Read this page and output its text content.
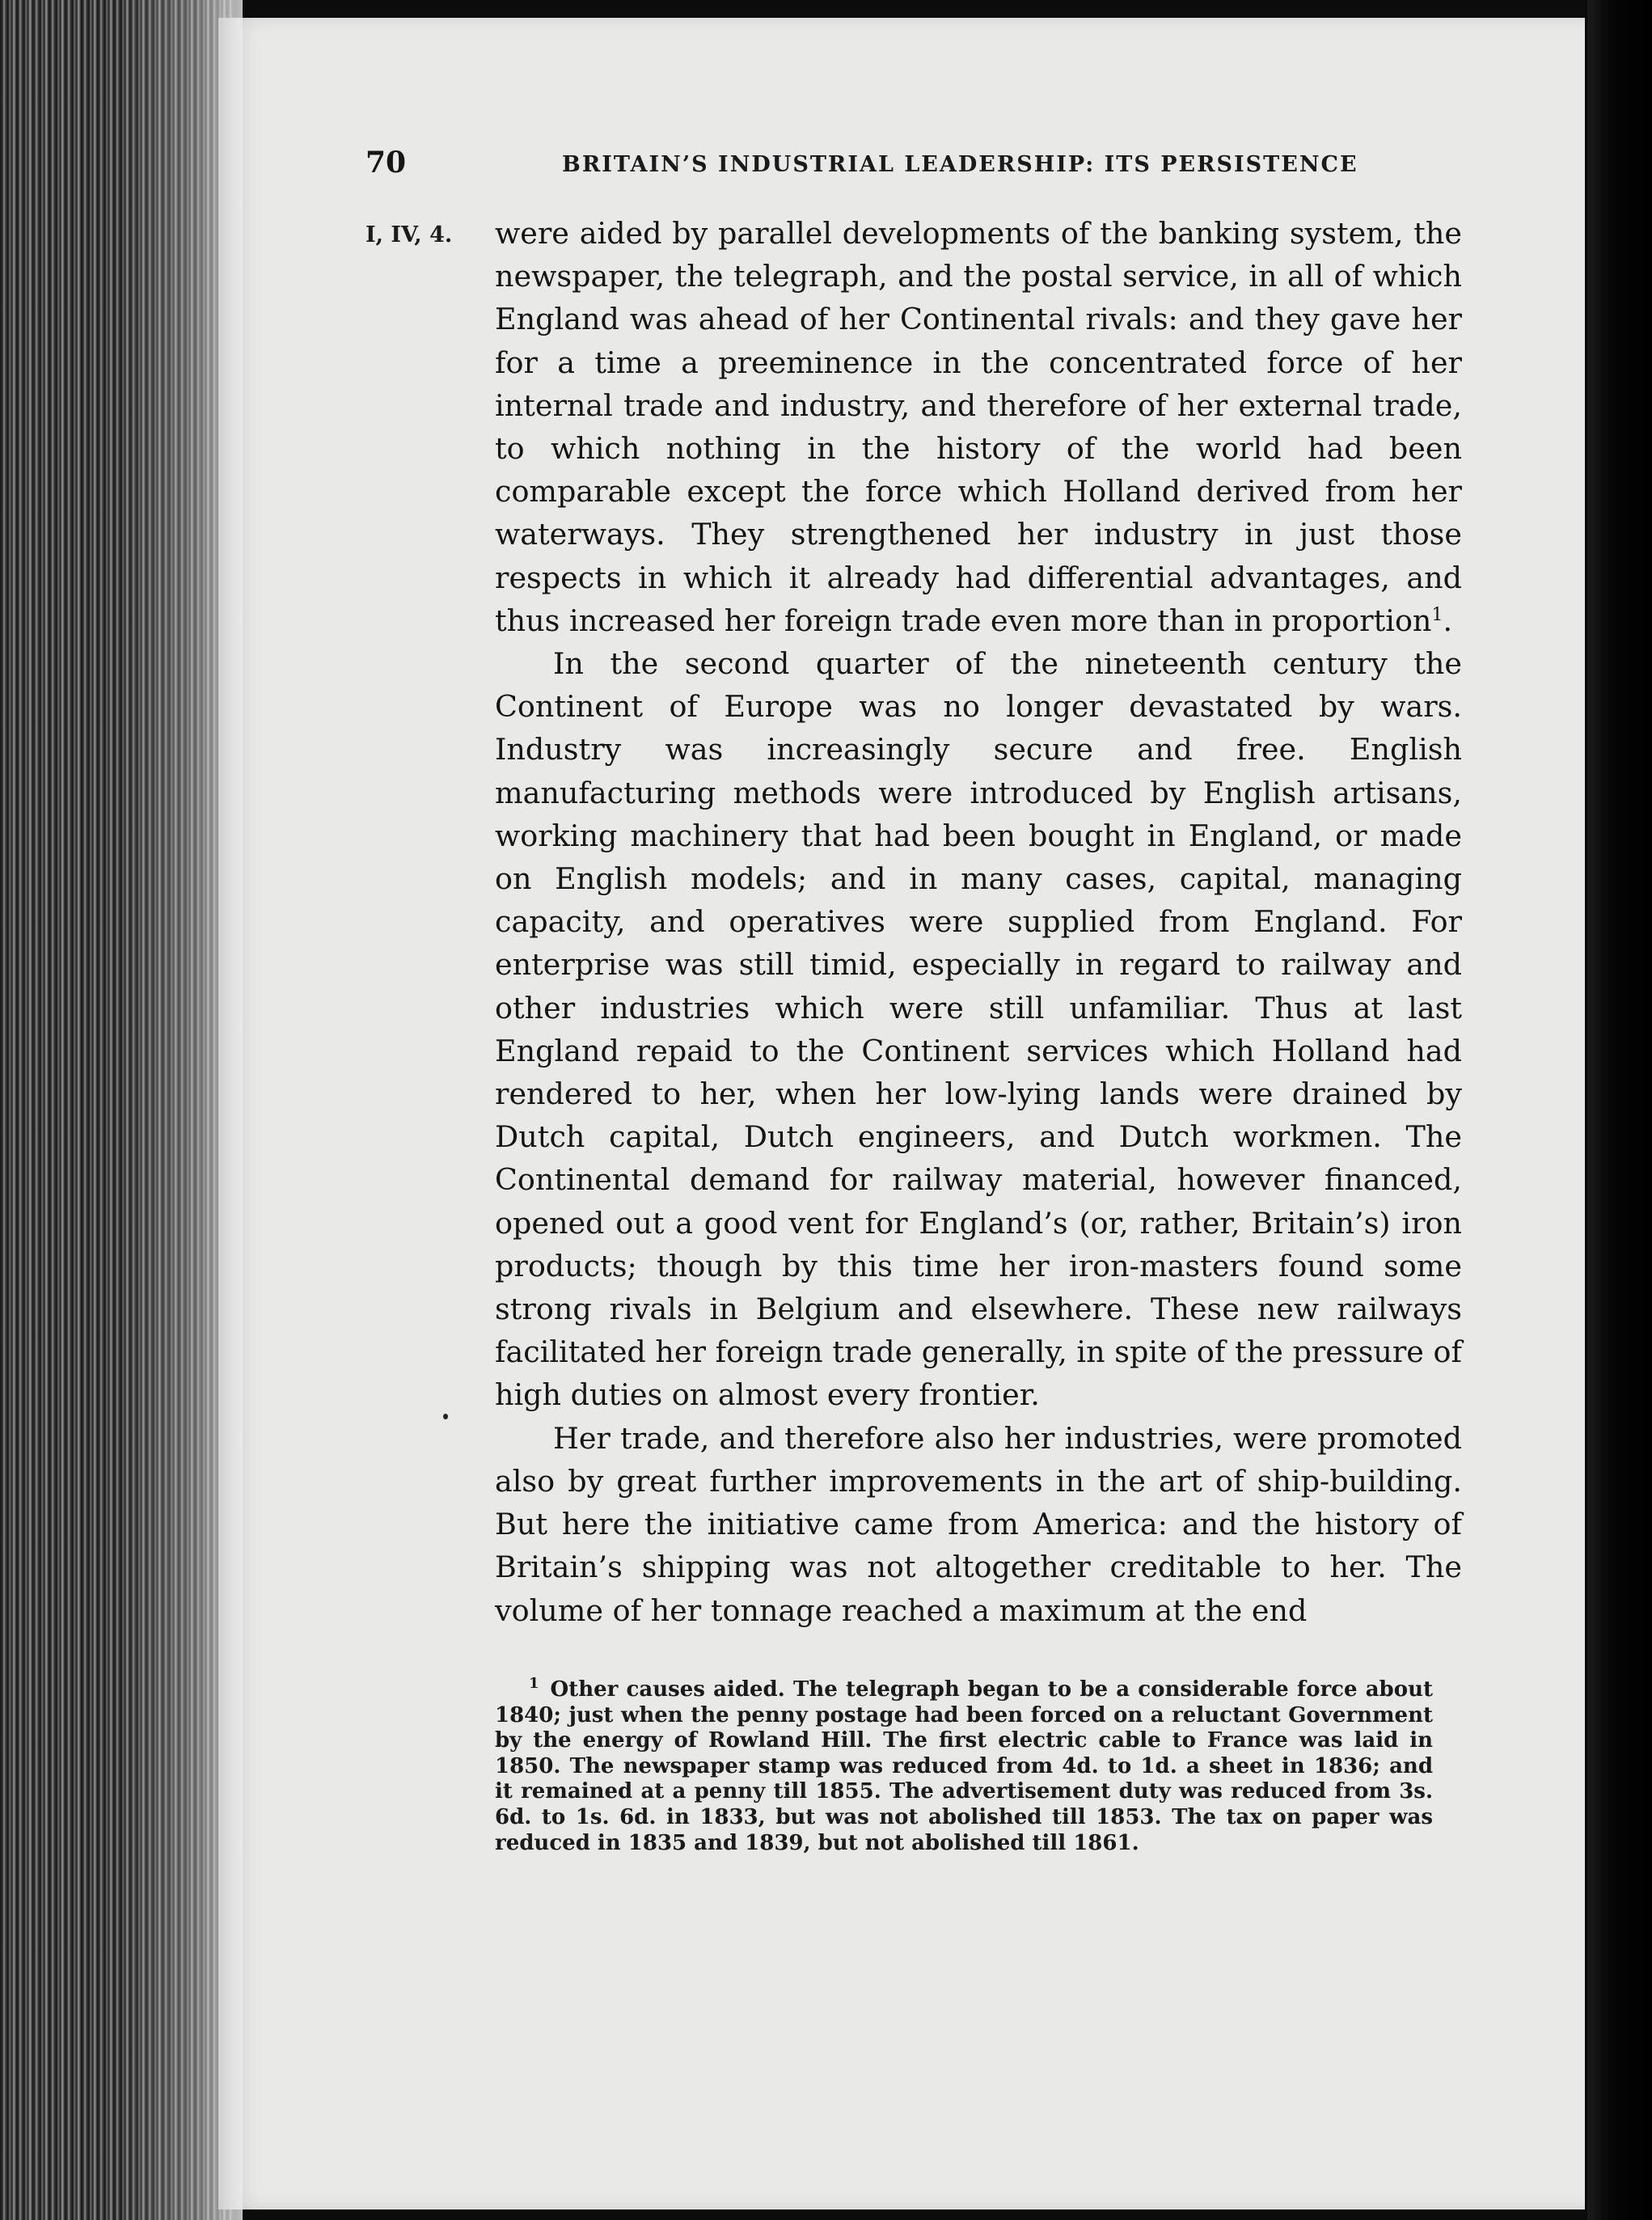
70	BRITAIN’S INDUSTRIAL LEADERSHIP: ITS PERSISTENCE
I, IV, 4. were aided by parallel developments of the banking system, the newspaper, the telegraph, and the postal service, in all of which England was ahead of her Continental rivals: and they gave her for a time a preeminence in the concentrated force of her internal trade and industry, and therefore of her external trade, to which nothing in the history of the world had been comparable except the force which Holland derived from her waterways. They strengthened her industry in just those respects in which it already had differential advantages, and thus increased her foreign trade even more than in proportion$^1$.

In the second quarter of the nineteenth century the Continent of Europe was no longer devastated by wars. Industry was increasingly secure and free. English manufacturing methods were introduced by English artisans, working machinery that had been bought in England, or made on English models; and in many cases, capital, managing capacity, and operatives were supplied from England. For enterprise was still timid, especially in regard to railway and other industries which were still unfamiliar. Thus at last England repaid to the Continent services which Holland had rendered to her, when her low-lying lands were drained by Dutch capital, Dutch engineers, and Dutch workmen. The Continental demand for railway material, however financed, opened out a good vent for England’s (or, rather, Britain’s) iron products; though by this time her iron-masters found some strong rivals in Belgium and elsewhere. These new railways facilitated her foreign trade generally, in spite of the pressure of high duties on almost every frontier.

Her trade, and therefore also her industries, were promoted also by great further improvements in the art of ship-building. But here the initiative came from America: and the history of Britain’s shipping was not altogether creditable to her. The volume of her tonnage reached a maximum at the end

$^1$ Other causes aided. The telegraph began to be a considerable force about 1840; just when the penny postage had been forced on a reluctant Government by the energy of Rowland Hill. The first electric cable to France was laid in 1850. The newspaper stamp was reduced from 4d. to 1d. a sheet in 1836; and it remained at a penny till 1855. The advertisement duty was reduced from 3s. 6d. to 1s. 6d. in 1833, but was not abolished till 1853. The tax on paper was reduced in 1835 and 1839, but not abolished till 1861.
